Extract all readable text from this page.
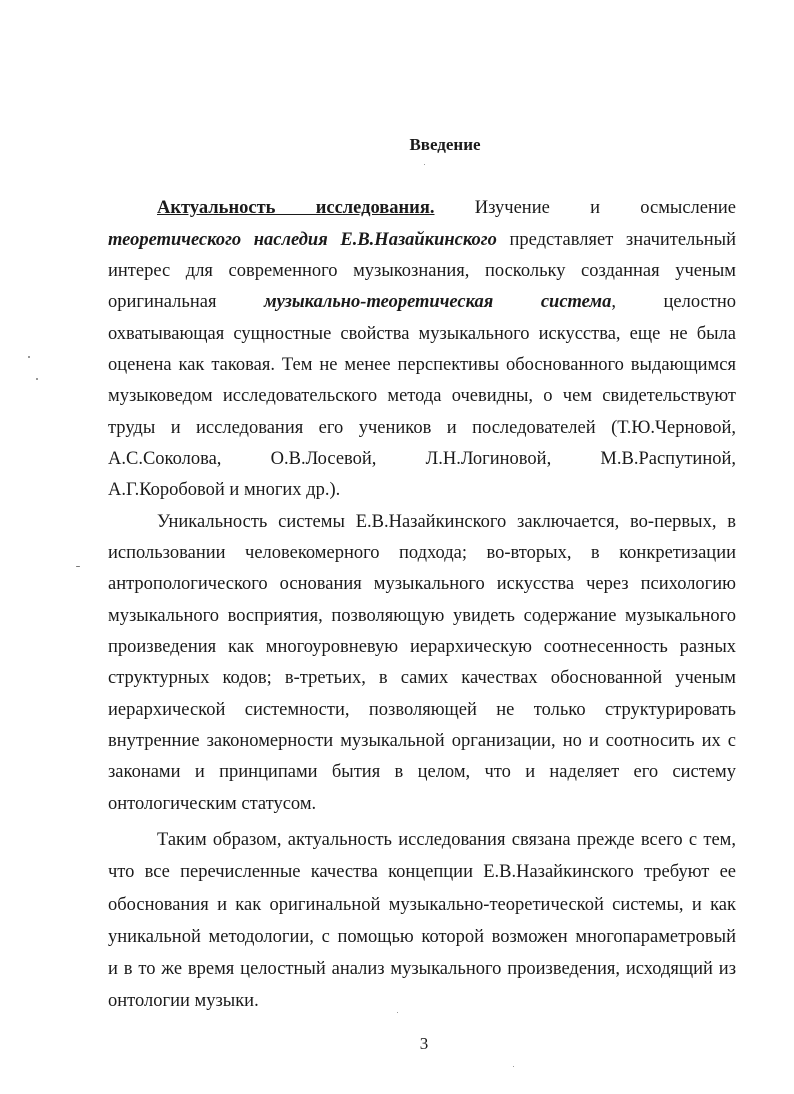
Введение
Актуальность исследования. Изучение и осмысление
теоретического наследия Е.В.Назайкинского представляет значительный
интерес для современного музыкознания, поскольку созданная ученым
оригинальная музыкально-теоретическая система, целостно
охватывающая сущностные свойства музыкального искусства, еще не была
оценена как таковая. Тем не менее перспективы обоснованного выдающимся
музыковедом исследовательского метода очевидны, о чем свидетельствуют
труды и исследования его учеников и последователей (Т.Ю.Черновой,
А.С.Соколова, О.В.Лосевой, Л.Н.Логиновой, М.В.Распутиной,
А.Г.Коробовой и многих др.).
Уникальность системы Е.В.Назайкинского заключается, во-первых, в
использовании человекомерного подхода; во-вторых, в конкретизации
антропологического основания музыкального искусства через психологию
музыкального восприятия, позволяющую увидеть содержание музыкального
произведения как многоуровневую иерархическую соотнесенность разных
структурных кодов; в-третьих, в самих качествах обоснованной ученым
иерархической системности, позволяющей не только структурировать
внутренние закономерности музыкальной организации, но и соотносить их с
законами и принципами бытия в целом, что и наделяет его систему
онтологическим статусом.
Таким образом, актуальность исследования связана прежде всего с тем,
что все перечисленные качества концепции Е.В.Назайкинского требуют ее
обоснования и как оригинальной музыкально-теоретической системы, и как
уникальной методологии, с помощью которой возможен многопараметровый
и в то же время целостный анализ музыкального произведения, исходящий из
онтологии музыки.
3
